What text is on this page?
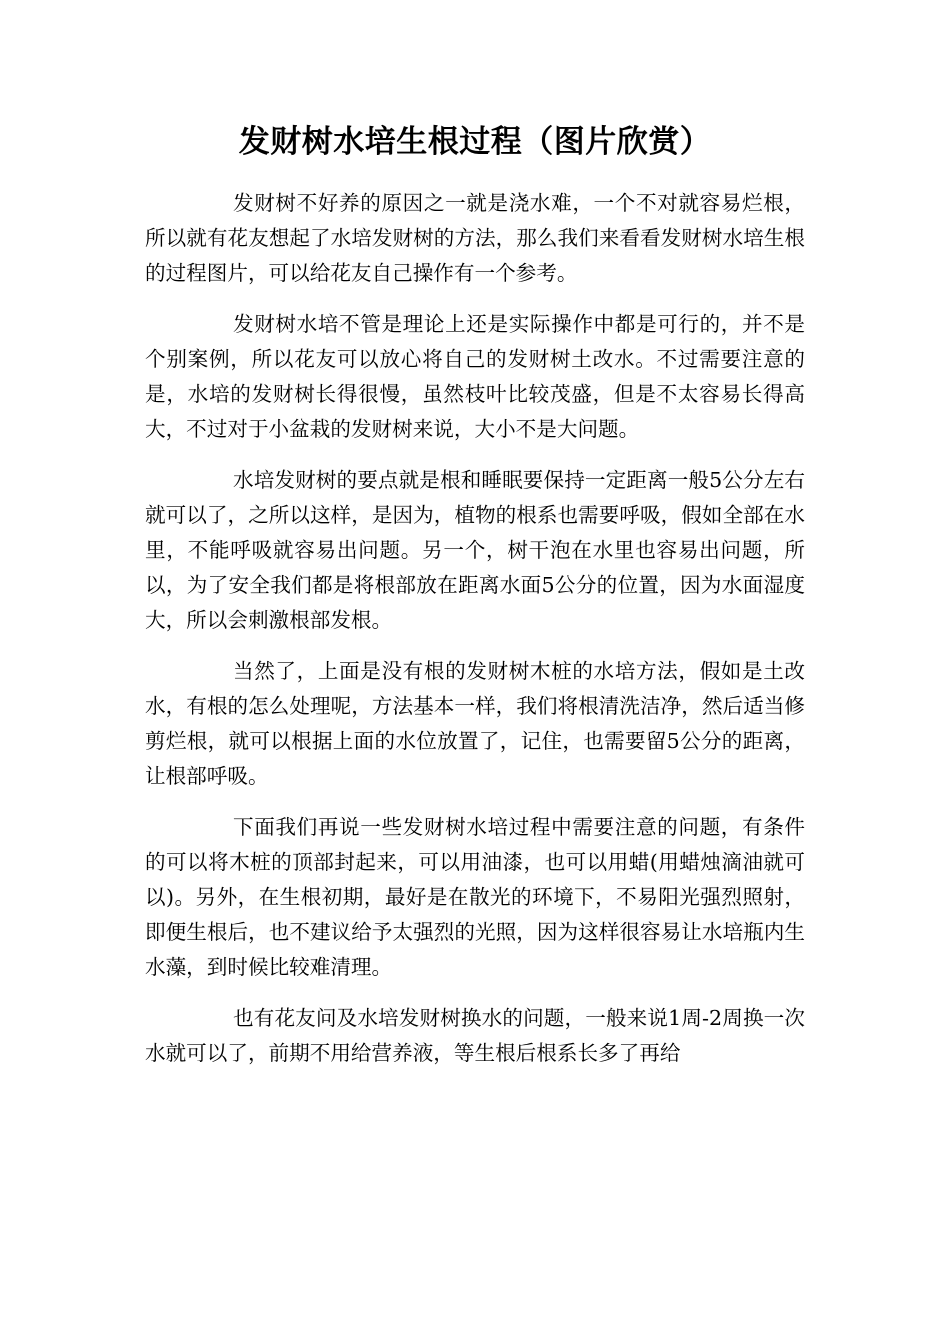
发财树水培生根过程（图片欣赏）

发财树不好养的原因之一就是浇水难，一个不对就容易烂根，所以就有花友想起了水培发财树的方法，那么我们来看看发财树水培生根的过程图片，可以给花友自己操作有一个参考。

发财树水培不管是理论上还是实际操作中都是可行的，并不是个别案例，所以花友可以放心将自己的发财树土改水。不过需要注意的是，水培的发财树长得很慢，虽然枝叶比较茂盛，但是不太容易长得高大，不过对于小盆栽的发财树来说，大小不是大问题。

水培发财树的要点就是根和睡眠要保持一定距离一般5公分左右就可以了，之所以这样，是因为，植物的根系也需要呼吸，假如全部在水里，不能呼吸就容易出问题。另一个，树干泡在水里也容易出问题，所以，为了安全我们都是将根部放在距离水面5公分的位置，因为水面湿度大，所以会刺激根部发根。

当然了，上面是没有根的发财树木桩的水培方法，假如是土改水，有根的怎么处理呢，方法基本一样，我们将根清洗洁净，然后适当修剪烂根，就可以根据上面的水位放置了，记住，也需要留5公分的距离，让根部呼吸。

下面我们再说一些发财树水培过程中需要注意的问题，有条件的可以将木桩的顶部封起来，可以用油漆，也可以用蜡(用蜡烛滴油就可以)。另外，在生根初期，最好是在散光的环境下，不易阳光强烈照射，即便生根后，也不建议给予太强烈的光照，因为这样很容易让水培瓶内生水藻，到时候比较难清理。

也有花友问及水培发财树换水的问题，一般来说1周-2周换一次水就可以了，前期不用给营养液，等生根后根系长多了再给
